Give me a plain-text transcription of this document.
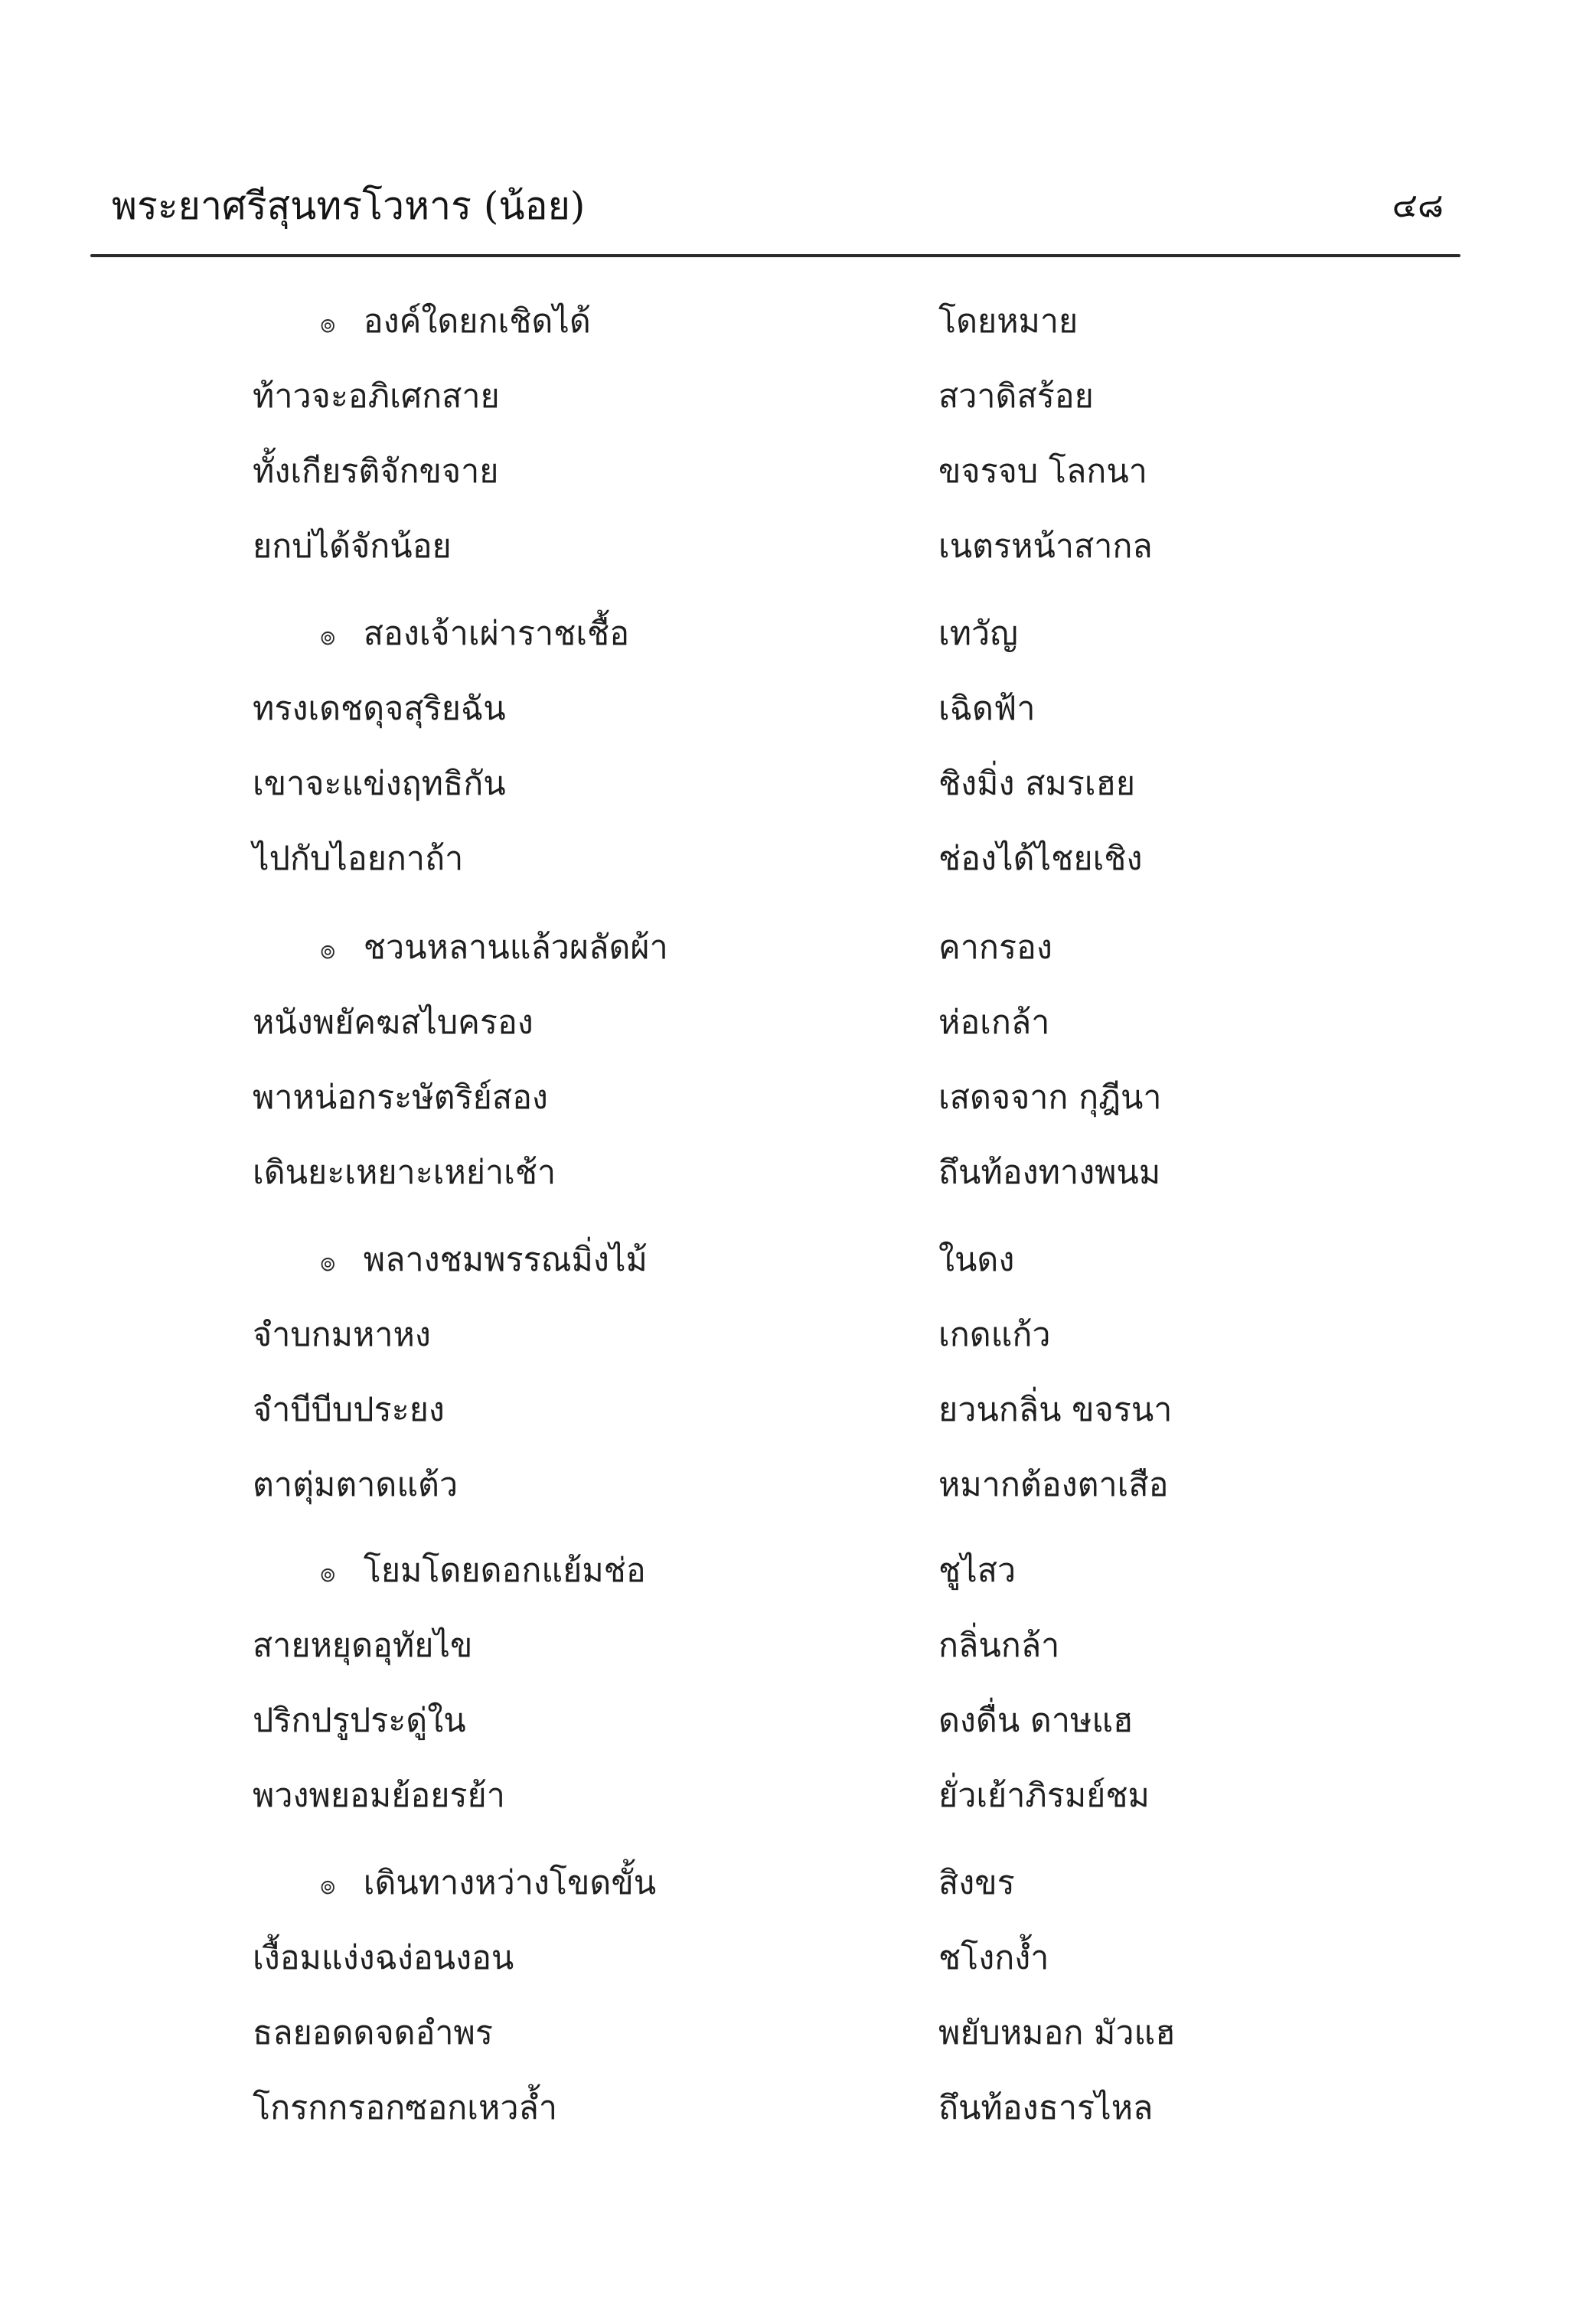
พระยาศรีสุนทรโวหาร (น้อย)	๔๘
๏ องค์ใดยกเชิดได้	โดยหมาย
ท้าวจะอภิเศกสาย	สวาดิสร้อย
ทั้งเกียรติจักขจาย	ขจรจบ โลกนา
ยกบ่ได้จักน้อย	เนตรหน้าสากล
๏ สองเจ้าเผ่าราชเชื้อ	เทวัญ
ทรงเดชดุจสุริยฉัน	เฉิดฟ้า
เขาจะแข่งฤทธิกัน	ชิงมิ่ง สมรเฮย
ไปกับไอยกาถ้า	ช่องได้ไชยเชิง
๏ ชวนหลานแล้วผลัดผ้า	คากรอง
หนังพยัคฆสไบครอง	ห่อเกล้า
พาหน่อกระษัตริย์สอง	เสดจจาก กุฎีนา
เดินยะเหยาะเหย่าเช้า	ถึนท้องทางพนม
๏ พลางชมพรรณมิ่งไม้	ในดง
จำบกมหาหง	เกดแก้ว
จำบีบีบประยง	ยวนกลิ่น ขจรนา
ตาตุ่มตาดแต้ว	หมากต้องตาเสือ
๏ โยมโดยดอกแย้มช่อ	ชูไสว
สายหยุดอุทัยไข	กลิ่นกล้า
ปริกปรูประดู่ใน	ดงดื่น ดาษแฮ
พวงพยอมย้อยรย้า	ยั่วเย้าภิรมย์ชม
๏ เดินทางหว่างโขดขั้น	สิงขร
เงื้อมแง่งฉง่อนงอน	ชโงกง้ำ
ธลยอดดจดอำพร	พยับหมอก มัวแฮ
โกรกกรอกซอกเหวล้ำ	ถึนท้องธารไหล
